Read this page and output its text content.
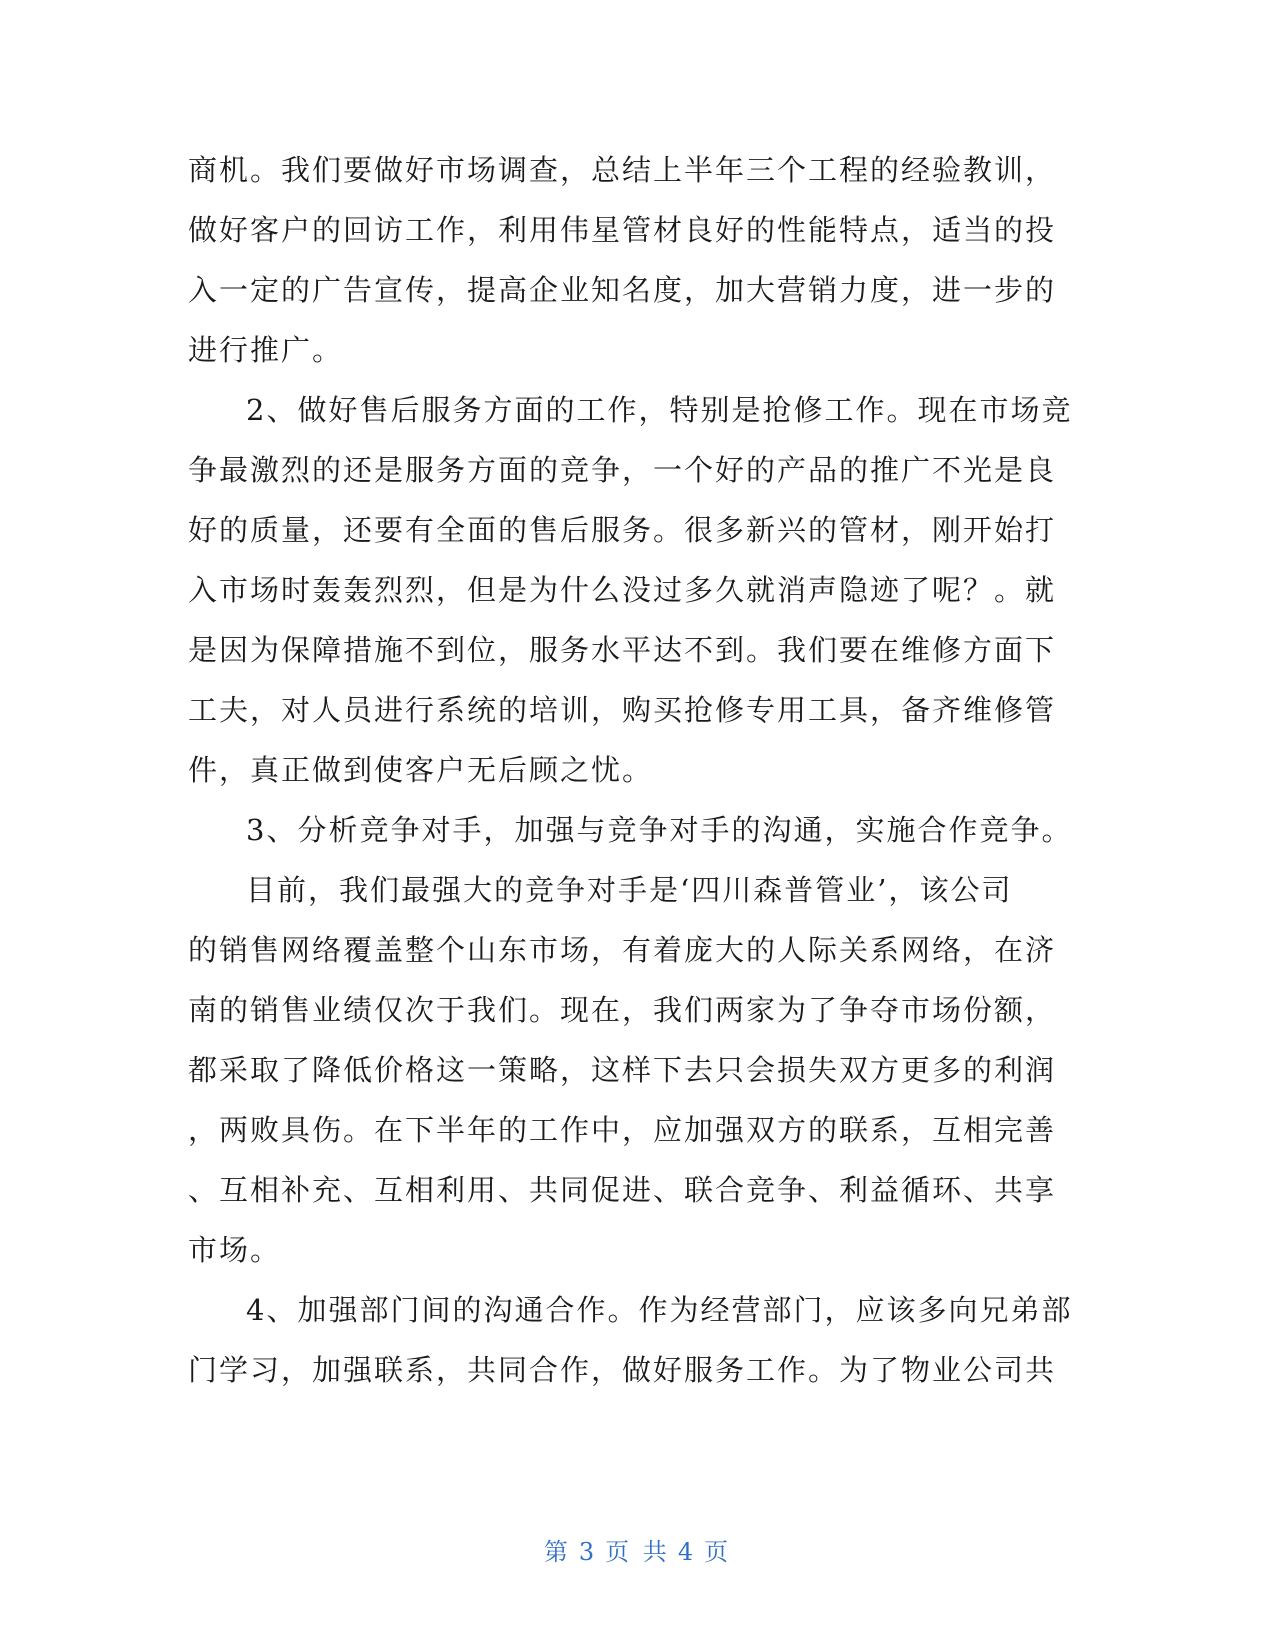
商机。我们要做好市场调查，总结上半年三个工程的经验教训，
做好客户的回访工作，利用伟星管材良好的性能特点，适当的投
入一定的广告宣传，提高企业知名度，加大营销力度，进一步的
进行推广。
2、做好售后服务方面的工作，特别是抢修工作。现在市场竞
争最激烈的还是服务方面的竞争，一个好的产品的推广不光是良
好的质量，还要有全面的售后服务。很多新兴的管材，刚开始打
入市场时轰轰烈烈，但是为什么没过多久就消声隐迹了呢？。就
是因为保障措施不到位，服务水平达不到。我们要在维修方面下
工夫，对人员进行系统的培训，购买抢修专用工具，备齐维修管
件，真正做到使客户无后顾之忧。
3、分析竞争对手，加强与竞争对手的沟通，实施合作竞争。
目前，我们最强大的竞争对手是‘四川森普管业’，该公司
的销售网络覆盖整个山东市场，有着庞大的人际关系网络，在济
南的销售业绩仅次于我们。现在，我们两家为了争夺市场份额，
都采取了降低价格这一策略，这样下去只会损失双方更多的利润
，两败具伤。在下半年的工作中，应加强双方的联系，互相完善
、互相补充、互相利用、共同促进、联合竞争、利益循环、共享
市场。
4、加强部门间的沟通合作。作为经营部门，应该多向兄弟部
门学习，加强联系，共同合作，做好服务工作。为了物业公司共
第 3 页 共 4 页
